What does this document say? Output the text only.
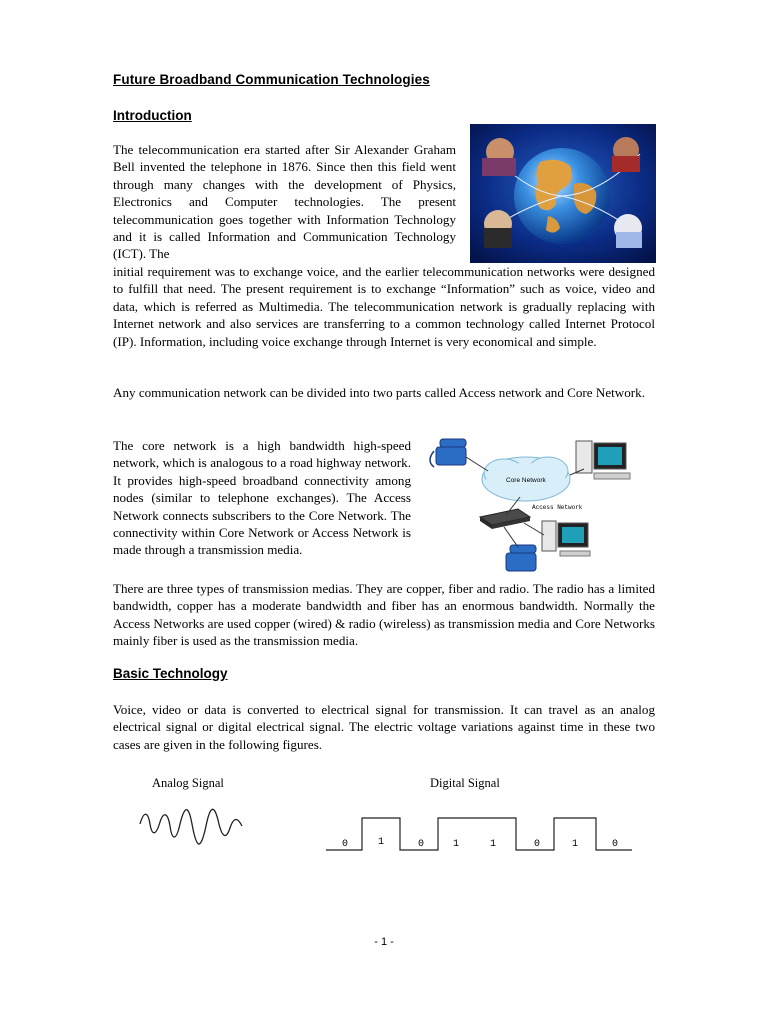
Future Broadband Communication Technologies
Introduction

The telecommunication era started after Sir Alexander Graham Bell invented the telephone in 1876. Since then this field went through many changes with the development of Physics, Electronics and Computer technologies. The present telecommunication goes together with Information Technology and it is called Information and Communication Technology (ICT). The

initial requirement was to exchange voice, and the earlier telecommunication networks were designed to fulfill that need. The present requirement is to exchange “Information” such as voice, video and data, which is referred as Multimedia. The telecommunication network is gradually replacing with Internet network and also services are transferring to a common technology called Internet Protocol (IP). Information, including voice exchange through Internet is very economical and simple.

Any communication network can be divided into two parts called Access network and Core Network.

The core network is a high bandwidth high-speed network, which is analogous to a road highway network. It provides high-speed broadband connectivity among nodes (similar to telephone exchanges). The Access Network connects subscribers to the Core Network. The connectivity within Core Network or Access Network is made through a transmission media.

Core Network
Access Network

There are three types of transmission medias. They are copper, fiber and radio. The radio has a limited bandwidth, copper has a moderate bandwidth and fiber has an enormous bandwidth. Normally the Access Networks are used copper (wired) & radio (wireless) as transmission media and Core Networks mainly fiber is used as the transmission media.

Basic Technology

Voice, video or data is converted to electrical signal for transmission. It can travel as an analog electrical signal or digital electrical signal. The electric voltage variations against time in these two cases are given in the following figures.

Analog Signal	Digital Signal
0	1	0	1	1	0	1	0
- 1 -
